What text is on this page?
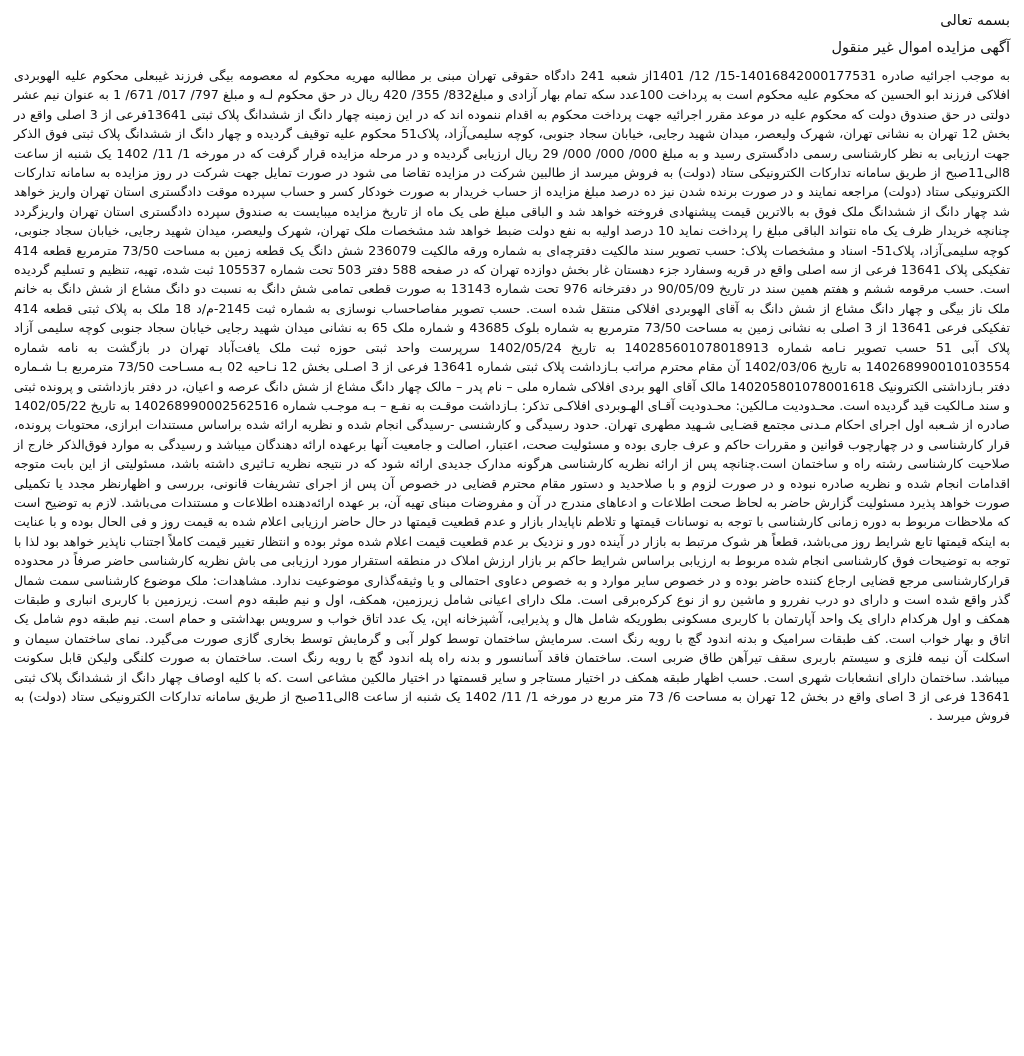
بسمه تعالی

آگهی مزایده اموال غیر منقول

به موجب اجرائیه صادره 14016842000177531-15/ 12/ 1401از شعبه 241 دادگاه حقوقی تهران مبنی بر مطالبه مهریه محکوم له معصومه بیگی فرزند غیبعلی محکوم علیه الهوبردی افلاکی فرزند ابو الحسین که محکوم علیه محکوم است به پرداخت 100عدد سکه تمام بهار آزادی و مبلغ832/ 355/ 420 ریال در حق محکوم لـه و مبلغ 797/ 017/ 671/ 1 به عنوان نیم عشر دولتی در حق صندوق دولت که محکوم علیه در موعد مقرر اجرائیه جهت پرداخت محکوم به اقدام ننموده اند که در این زمینه چهار دانگ از ششدانگ پلاک ثبتی 13641فرعی از 3 اصلی واقع در بخش 12 تهران به نشانی تهران، شهرک ولیعصر، میدان شهید رجایی، خیابان سجاد جنوبی، کوچه سلیمی‌آزاد، پلاک51 محکوم علیه توقیف گردیده و چهار دانگ از ششدانگ پلاک ثبتی فوق الذکر جهت ارزیابی به نظر کارشناسی رسمی دادگستری رسید و به مبلغ 000/ 000/ 000/ 29 ریال ارزیابی گردیده و در مرحله مزایده قرار گرفت که در مورخه 1/ 11/ 1402 یک شنبه از ساعت 8الی11صبح از طریق سامانه تدارکات الکترونیکی ستاد (دولت) به فروش میرسد از طالبین شرکت در مزایده تقاضا می شود در صورت تمایل جهت شرکت در روز مزایده به سامانه تدارکات الکترونیکی ستاد (دولت) مراجعه نمایند و در صورت برنده شدن نیز ده درصد مبلغ مزایده از حساب خریدار به صورت خودکار کسر و حساب سپرده موقت دادگستری استان تهران واریز خواهد شد چهار دانگ از ششدانگ ملک فوق به بالاترین قیمت پیشنهادی فروخته خواهد شد و الباقی مبلغ طی یک ماه از تاریخ مزایده میبایست به صندوق سپرده دادگستری استان تهران واریزگردد چنانچه خریدار ظرف یک ماه نتواند الباقی مبلغ را پرداخت نماید 10 درصد اولیه به نفع دولت ضبط خواهد شد مشخصات ملک تهران، شهرک ولیعصر، میدان شهید رجایی، خیابان سجاد جنوبی، کوچه سلیمی‌آزاد، پلاک51- اسناد و مشخصات پلاک: حسب تصویر سند مالکیت دفترچه‌ای به شماره ورقه مالکیت 236079 شش دانگ یک قطعه زمین به مساحت 73/50 مترمربع قطعه 414 تفکیکی پلاک 13641 فرعی از سه اصلی واقع در قریه وسفارد جزء دهستان غار بخش دوازده تهران که در صفحه 588 دفتر 503 تحت شماره 105537 ثبت شده، تهیه، تنظیم و تسلیم گردیده است. حسب مرقومه ششم و هفتم همین سند در تاریخ 90/05/09 در دفترخانه 976 تحت شماره 13143 به صورت قطعی تمامی شش دانگ به نسبت دو دانگ مشاع از شش دانگ به خانم ملک ناز بیگی و چهار دانگ مشاع از شش دانگ به آقای الهوبردی افلاکی منتقل شده است. حسب تصویر مفاصاحساب نوسازی به شماره ثبت 2145-م/د 18 ملک به پلاک ثبتی قطعه 414 تفکیکی فرعی 13641 از 3 اصلی به نشانی زمین به مساحت 73/50 مترمربع به شماره بلوک 43685 و شماره ملک 65 به نشانی میدان شهید رجایی خیابان سجاد جنوبی کوچه سلیمی آزاد پلاک آبی 51 حسب تصویر نـامه شماره 14028560107801891​3 به تاریخ 1402/05/24 سرپرست واحد ثبتی حوزه ثبت ملک یافت‌آباد تهران در بازگشت به نامه شماره 140268990010103554 به تاریخ 1402/03/06 آن مقام محترم مراتب بـازداشت پلاک ثبتی شماره 13641 فرعی از 3 اصـلی بخش 12 نـاحیه 02 بـه مسـاحت 73/50 مترمربع بـا شـماره دفتر بـازداشتی الکترونیک 140205801078001618 مالک آقای الهو بردی افلاکی شماره ملی – نام پدر – مالک چهار دانگ مشاع از شش دانگ عرصه و اعیان، در دفتر بازداشتی و پرونده ثبتی و سند مـالکیت قید گردیده است. محـدودیت مـالکین: محـدودیت آقـای الهـوبردی افلاکـی تذکر: بـازداشت موقـت به نفـع – بـه موجـب شماره 140268990002562516 به تاریخ 1402/05/22 صادره از شـعبه اول اجرای احکام مـدنی مجتمع قضـایی شـهید مطهری تهران. حدود رسیدگی و کارشنسی -رسیدگی انجام شده و نظریه ارائه شده براساس مستندات ابرازی، محتویات پرونده، قرار کارشناسی و در چهارچوب قوانین و مقررات حاکم و عرف جاری بوده و مسئولیت صحت، اعتبار، اصالت و جامعیت آنها برعهده ارائه دهندگان میباشد و رسیدگی به موارد فوق‌الذکر خارج از صلاحیت کارشناسی رشته راه و ساختمان است.چنانچه پس از ارائه نظریه کارشناسی هرگونه مدارک جدیدی ارائه شود که در نتیجه نظریه تـاثیری داشته باشد، مسئولیتی از این بابت متوجه اقدامات انجام شده و نظریه صادره نبوده و در صورت لزوم و با صلاحدید و دستور مقام محترم قضایی در خصوص آن پس از اجرای تشریفات قانونی، بررسی و اظهارنظر مجدد یا تکمیلی صورت خواهد پذیرد مسئولیت گزارش حاضر به لحاظ صحت اطلاعات و ادعاهای مندرج در آن و مفروضات مبنای تهیه آن، بر عهده ارائه‌دهنده اطلاعات و مستندات می‌باشد. لازم به توضیح است که ملاحظات مربوط به دوره زمانی کارشناسی با توجه به نوسانات قیمتها و تلاطم ناپایدار بازار و عدم قطعیت قیمتها در حال حاضر ارزیابی اعلام شده به قیمت روز و فی الحال بوده و با عنایت به اینکه قیمتها تابع شرایط روز می‌باشد، قطعاً هر شوک مرتبط به بازار در آینده دور و نزدیک بر عدم قطعیت قیمت اعلام شده موثر بوده و انتظار تغییر قیمت کاملاً اجتناب ناپذیر خواهد بود لذا با توجه به توضیحات فوق کارشناسی انجام شده مربوط به ارزیابی براساس شرایط حاکم بر بازار ارزش املاک در منطقه استقرار مورد ارزیابی می باش نظریه کارشناسی حاضر صرفاً در محدوده قرارکارشناسی مرجع قضایی ارجاع کننده حاضر بوده و در خصوص سایر موارد و به خصوص دعاوی احتمالی و یا وثیقه‌گذاری موضوعیت ندارد. مشاهدات: ملک موضوع کارشناسی سمت شمال گذر واقع شده است و دارای دو درب نفررو و ماشین رو از نوع کرکره‌برقی است. ملک دارای اعیانی شامل زیرزمین، همکف، اول و نیم طبقه دوم است. زیرزمین با کاربری انباری و طبقات همکف و اول هرکدام دارای یک واحد آپارتمان با کاربری مسکونی بطوریکه شامل هال و پذیرایی، آشپزخانه اپن، یک عدد اتاق خواب و سرویس بهداشتی و حمام است. نیم طبقه دوم شامل یک اتاق و بهار خواب است. کف طبقات سرامیک و بدنه اندود گچ با رویه رنگ است. سرمایش ساختمان توسط کولر آبی و گرمایش توسط بخاری گازی صورت می‌گیرد. نمای ساختمان سیمان و اسکلت آن نیمه فلزی و سیستم باربری سقف تیرآهن طاق ضربی است. ساختمان فاقد آسانسور و بدنه راه پله اندود گچ با رویه رنگ است. ساختمان به صورت کلنگی ولیکن قابل سکونت میباشد. ساختمان دارای انشعابات شهری است. حسب اظهار طبقه همکف در اختیار مستاجر و سایر قسمتها در اختیار مالکین مشاعی است .که با کلیه اوصاف چهار دانگ از ششدانگ پلاک ثبتی 13641 فرعی از 3 اصای واقع در بخش 12 تهران به مساحت 6/ 73 متر مربع در مورخه 1/ 11/ 1402 یک شنبه از ساعت 8الی11صبح از طریق سامانه تدارکات الکترونیکی ستاد (دولت) به فروش میرسد .
